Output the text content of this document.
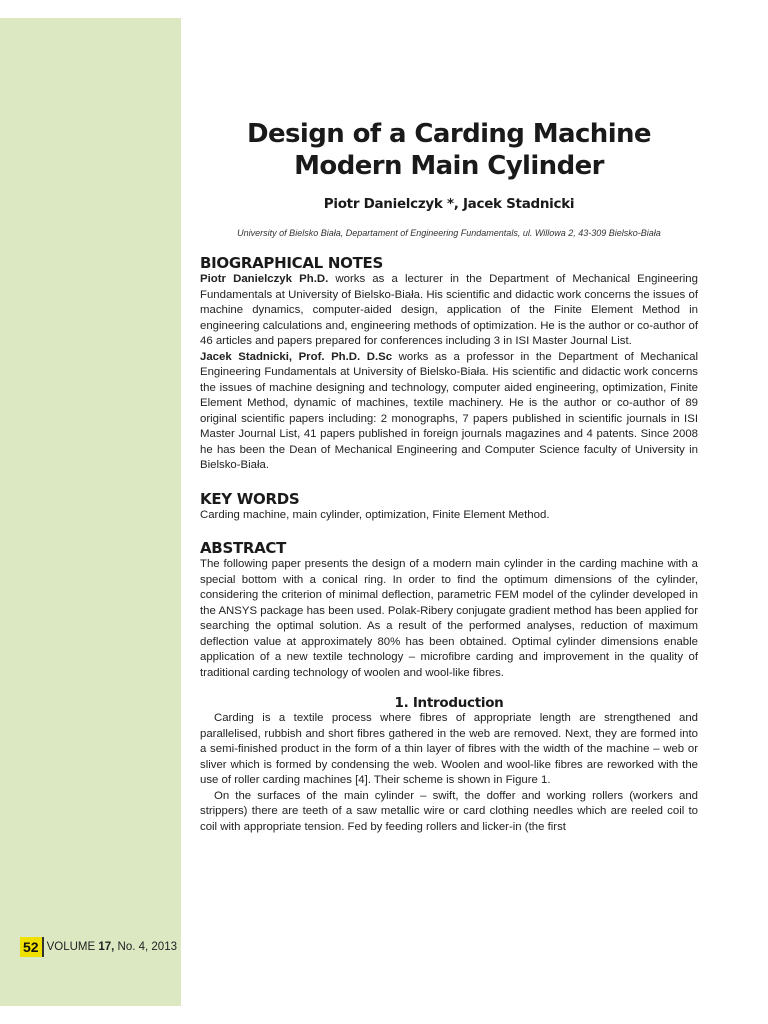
Design of a Carding Machine Modern Main Cylinder
Piotr Danielczyk *, Jacek Stadnicki
University of Bielsko Biała, Departament of Engineering Fundamentals, ul. Willowa 2, 43-309 Bielsko-Biała
BIOGRAPHICAL NOTES

Piotr Danielczyk Ph.D. works as a lecturer in the Department of Mechanical Engineering Fundamentals at University of Bielsko-Biała. His scientific and didactic work concerns the issues of machine dynamics, computer-aided design, application of the Finite Element Method in engineering calculations and, engineering methods of optimization. He is the author or co-author of 46 articles and papers prepared for conferences including 3 in ISI Master Journal List.

Jacek Stadnicki, Prof. Ph.D. D.Sc works as a professor in the Department of Mechanical Engineering Fundamentals at University of Bielsko-Biała. His scientific and didactic work concerns the issues of machine designing and technology, computer aided engineering, optimization, Finite Element Method, dynamic of machines, textile machinery. He is the author or co-author of 89 original scientific papers including: 2 monographs, 7 papers published in scientific journals in ISI Master Journal List, 41 papers published in foreign journals magazines and 4 patents. Since 2008 he has been the Dean of Mechanical Engineering and Computer Science faculty of University in Bielsko-Biała.

KEY WORDS

Carding machine, main cylinder, optimization, Finite Element Method.

ABSTRACT

The following paper presents the design of a modern main cylinder in the carding machine with a special bottom with a conical ring. In order to find the optimum dimensions of the cylinder, considering the criterion of minimal deflection, parametric FEM model of the cylinder developed in the ANSYS package has been used. Polak-Ribery conjugate gradient method has been applied for searching the optimal solution. As a result of the performed analyses, reduction of maximum deflection value at approximately 80% has been obtained. Optimal cylinder dimensions enable application of a new textile technology – microfibre carding and improvement in the quality of traditional carding technology of woolen and wool-like fibres.

1. Introduction

Carding is a textile process where fibres of appropriate length are strengthened and parallelised, rubbish and short fibres gathered in the web are removed. Next, they are formed into a semi-finished product in the form of a thin layer of fibres with the width of the machine – web or sliver which is formed by condensing the web. Woolen and wool-like fibres are reworked with the use of roller carding machines [4]. Their scheme is shown in Figure 1.

On the surfaces of the main cylinder – swift, the doffer and working rollers (workers and strippers) there are teeth of a saw metallic wire or card clothing needles which are reeled coil to coil with appropriate tension. Fed by feeding rollers and licker-in (the first

52 VOLUME 17, No. 4, 2013
